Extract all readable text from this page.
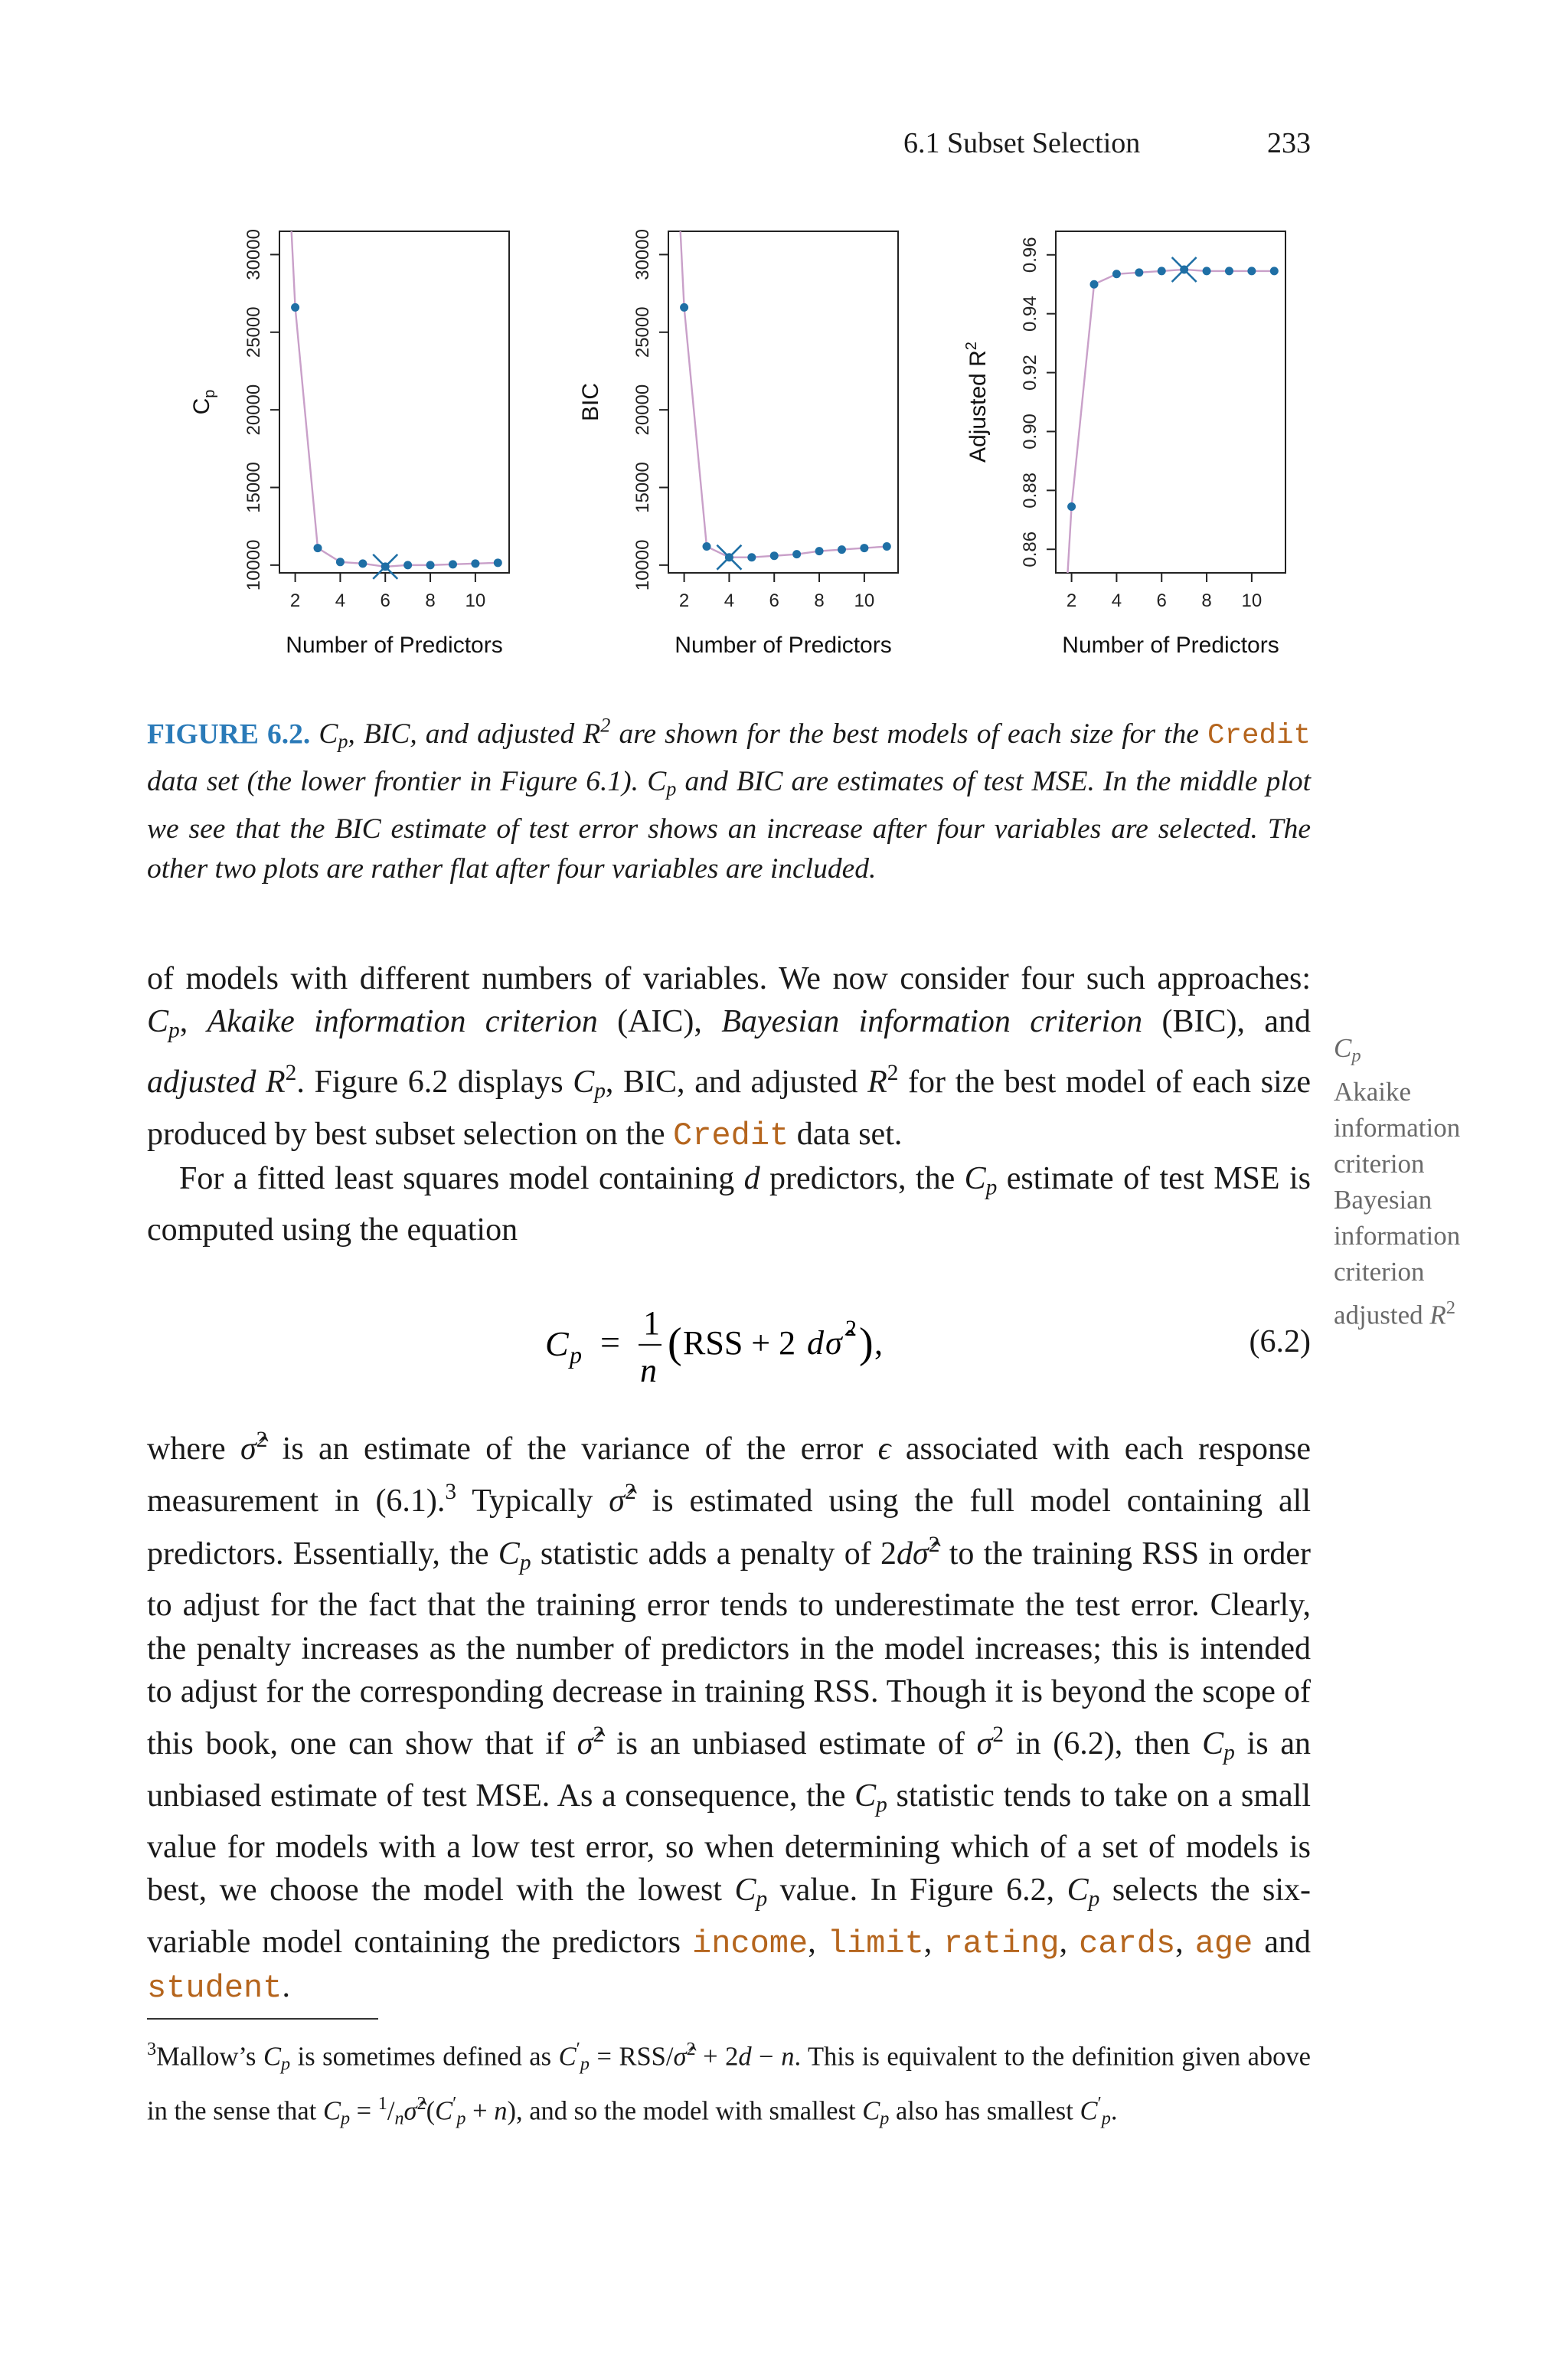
6.1 Subset Selection	233
2 4 6 8 10
10000
15000
20000
25000
30000
Number of Predictors
$C_p$
2 4 6 8 10
10000
15000
20000
25000
30000
Number of Predictors
BIC
2 4 6 8 10
0.86
0.88
0.90
0.92
0.94
0.96
Number of Predictors
Adjusted $R^2$
FIGURE 6.2. $C_p$, BIC, and adjusted $R^2$ are shown for the best models of each size for the Credit data set (the lower frontier in Figure 6.1). $C_p$ and BIC are estimates of test MSE. In the middle plot we see that the BIC estimate of test error shows an increase after four variables are selected. The other two plots are rather flat after four variables are included.

of models with different numbers of variables. We now consider four such approaches: $C_p$, Akaike information criterion (AIC), Bayesian information criterion (BIC), and adjusted $R^2$. Figure 6.2 displays $C_p$, BIC, and adjusted $R^2$ for the best model of each size produced by best subset selection on the Credit data set.

For a fitted least squares model containing d predictors, the $C_p$ estimate of test MSE is computed using the equation

$C_p$
Akaike
information
criterion
Bayesian
information
criterion
adjusted $R^2$
C p = 1
n
( RSS + 2 d σ̂ 2 ) ,	(6.2)

where σ̂$^2$ is an estimate of the variance of the error ϵ associated with each response measurement in (6.1).$^3$ Typically σ̂$^2$ is estimated using the full model containing all predictors. Essentially, the $C_p$ statistic adds a penalty of 2dσ̂$^2$ to the training RSS in order to adjust for the fact that the training error tends to underestimate the test error. Clearly, the penalty increases as the number of predictors in the model increases; this is intended to adjust for the corresponding decrease in training RSS. Though it is beyond the scope of this book, one can show that if σ̂$^2$ is an unbiased estimate of $\sigma^2$ in (6.2), then $C_p$ is an unbiased estimate of test MSE. As a consequence, the $C_p$ statistic tends to take on a small value for models with a low test error, so when determining which of a set of models is best, we choose the model with the lowest $C_p$ value. In Figure 6.2, $C_p$ selects the six-variable model containing the predictors income, limit, rating, cards, age and student.

$^3$Mallow’s $C_p$ is sometimes defined as $C'_p$ = RSS/σ̂$^2$ + 2d − n. This is equivalent to the definition given above in the sense that $C_p$ = $^1/_n\sigmâ^2(C'_p + n)$, and so the model with smallest $C_p$ also has smallest $C'_p$.
